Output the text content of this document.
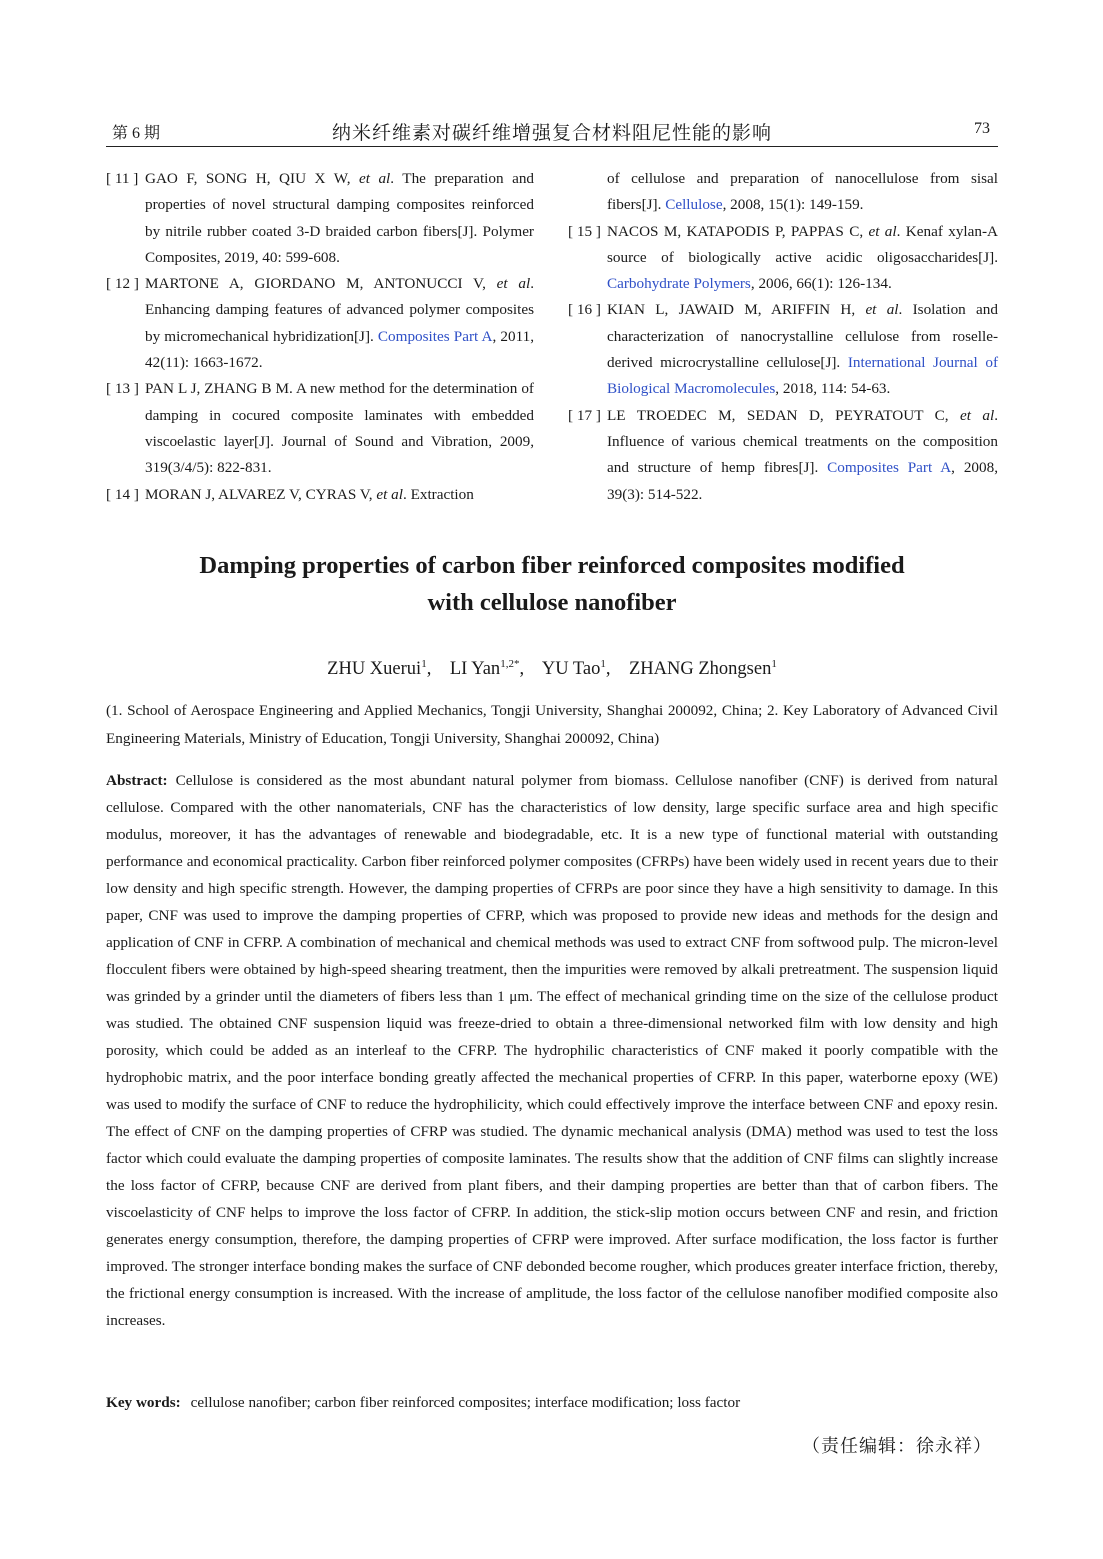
第 6 期	纳米纤维素对碳纤维增强复合材料阻尼性能的影响	73
[ 11 ] GAO F, SONG H, QIU X W, et al. The preparation and properties of novel structural damping composites reinforced by nitrile rubber coated 3-D braided carbon fibers[J]. Polymer Composites, 2019, 40: 599-608.
[ 12 ] MARTONE A, GIORDANO M, ANTONUCCI V, et al. Enhancing damping features of advanced polymer composites by micromechanical hybridization[J]. Composites Part A, 2011, 42(11): 1663-1672.
[ 13 ] PAN L J, ZHANG B M. A new method for the determination of damping in cocured composite laminates with embedded viscoelastic layer[J]. Journal of Sound and Vibration, 2009, 319(3/4/5): 822-831.
[ 14 ] MORAN J, ALVAREZ V, CYRAS V, et al. Extraction
of cellulose and preparation of nanocellulose from sisal fibers[J]. Cellulose, 2008, 15(1): 149-159.
[ 15 ] NACOS M, KATAPODIS P, PAPPAS C, et al. Kenaf xylan-A source of biologically active acidic oligosaccharides[J]. Carbohydrate Polymers, 2006, 66(1): 126-134.
[ 16 ] KIAN L, JAWAID M, ARIFFIN H, et al. Isolation and characterization of nanocrystalline cellulose from roselle-derived microcrystalline cellulose[J]. International Journal of Biological Macromolecules, 2018, 114: 54-63.
[ 17 ] LE TROEDEC M, SEDAN D, PEYRATOUT C, et al. Influence of various chemical treatments on the composition and structure of hemp fibres[J]. Composites Part A, 2008, 39(3): 514-522.
Damping properties of carbon fiber reinforced composites modified
with cellulose nanofiber
ZHU Xuerui$^1$,    LI Yan$^{1,2*}$,    YU Tao$^1$,    ZHANG Zhongsen$^1$
(1. School of Aerospace Engineering and Applied Mechanics, Tongji University, Shanghai 200092, China; 2. Key Laboratory of Advanced Civil Engineering Materials, Ministry of Education, Tongji University, Shanghai 200092, China)
Abstract: Cellulose is considered as the most abundant natural polymer from biomass. Cellulose nanofiber (CNF) is derived from natural cellulose. Compared with the other nanomaterials, CNF has the characteristics of low density, large specific surface area and high specific modulus, moreover, it has the advantages of renewable and biodegradable, etc. It is a new type of functional material with outstanding performance and economical practicality. Carbon fiber reinforced polymer composites (CFRPs) have been widely used in recent years due to their low density and high specific strength. However, the damping properties of CFRPs are poor since they have a high sensitivity to damage. In this paper, CNF was used to improve the damping properties of CFRP, which was proposed to provide new ideas and methods for the design and application of CNF in CFRP. A combination of mechanical and chemical methods was used to extract CNF from softwood pulp. The micron-level flocculent fibers were obtained by high-speed shearing treatment, then the impurities were removed by alkali pretreatment. The suspension liquid was grinded by a grinder until the diameters of fibers less than 1 μm. The effect of mechanical grinding time on the size of the cellulose product was studied. The obtained CNF suspension liquid was freeze-dried to obtain a three-dimensional networked film with low density and high porosity, which could be added as an interleaf to the CFRP. The hydrophilic characteristics of CNF maked it poorly compatible with the hydrophobic matrix, and the poor interface bonding greatly affected the mechanical properties of CFRP. In this paper, waterborne epoxy (WE) was used to modify the surface of CNF to reduce the hydrophilicity, which could effectively improve the interface between CNF and epoxy resin. The effect of CNF on the damping properties of CFRP was studied. The dynamic mechanical analysis (DMA) method was used to test the loss factor which could evaluate the damping properties of composite laminates. The results show that the addition of CNF films can slightly increase the loss factor of CFRP, because CNF are derived from plant fibers, and their damping properties are better than that of carbon fibers. The viscoelasticity of CNF helps to improve the loss factor of CFRP. In addition, the stick-slip motion occurs between CNF and resin, and friction generates energy consumption, therefore, the damping properties of CFRP were improved. After surface modification, the loss factor is further improved. The stronger interface bonding makes the surface of CNF debonded become rougher, which produces greater interface friction, thereby, the frictional energy consumption is increased. With the increase of amplitude, the loss factor of the cellulose nanofiber modified composite also increases.
Key words: cellulose nanofiber; carbon fiber reinforced composites; interface modification; loss factor
（责任编辑：徐永祥）
